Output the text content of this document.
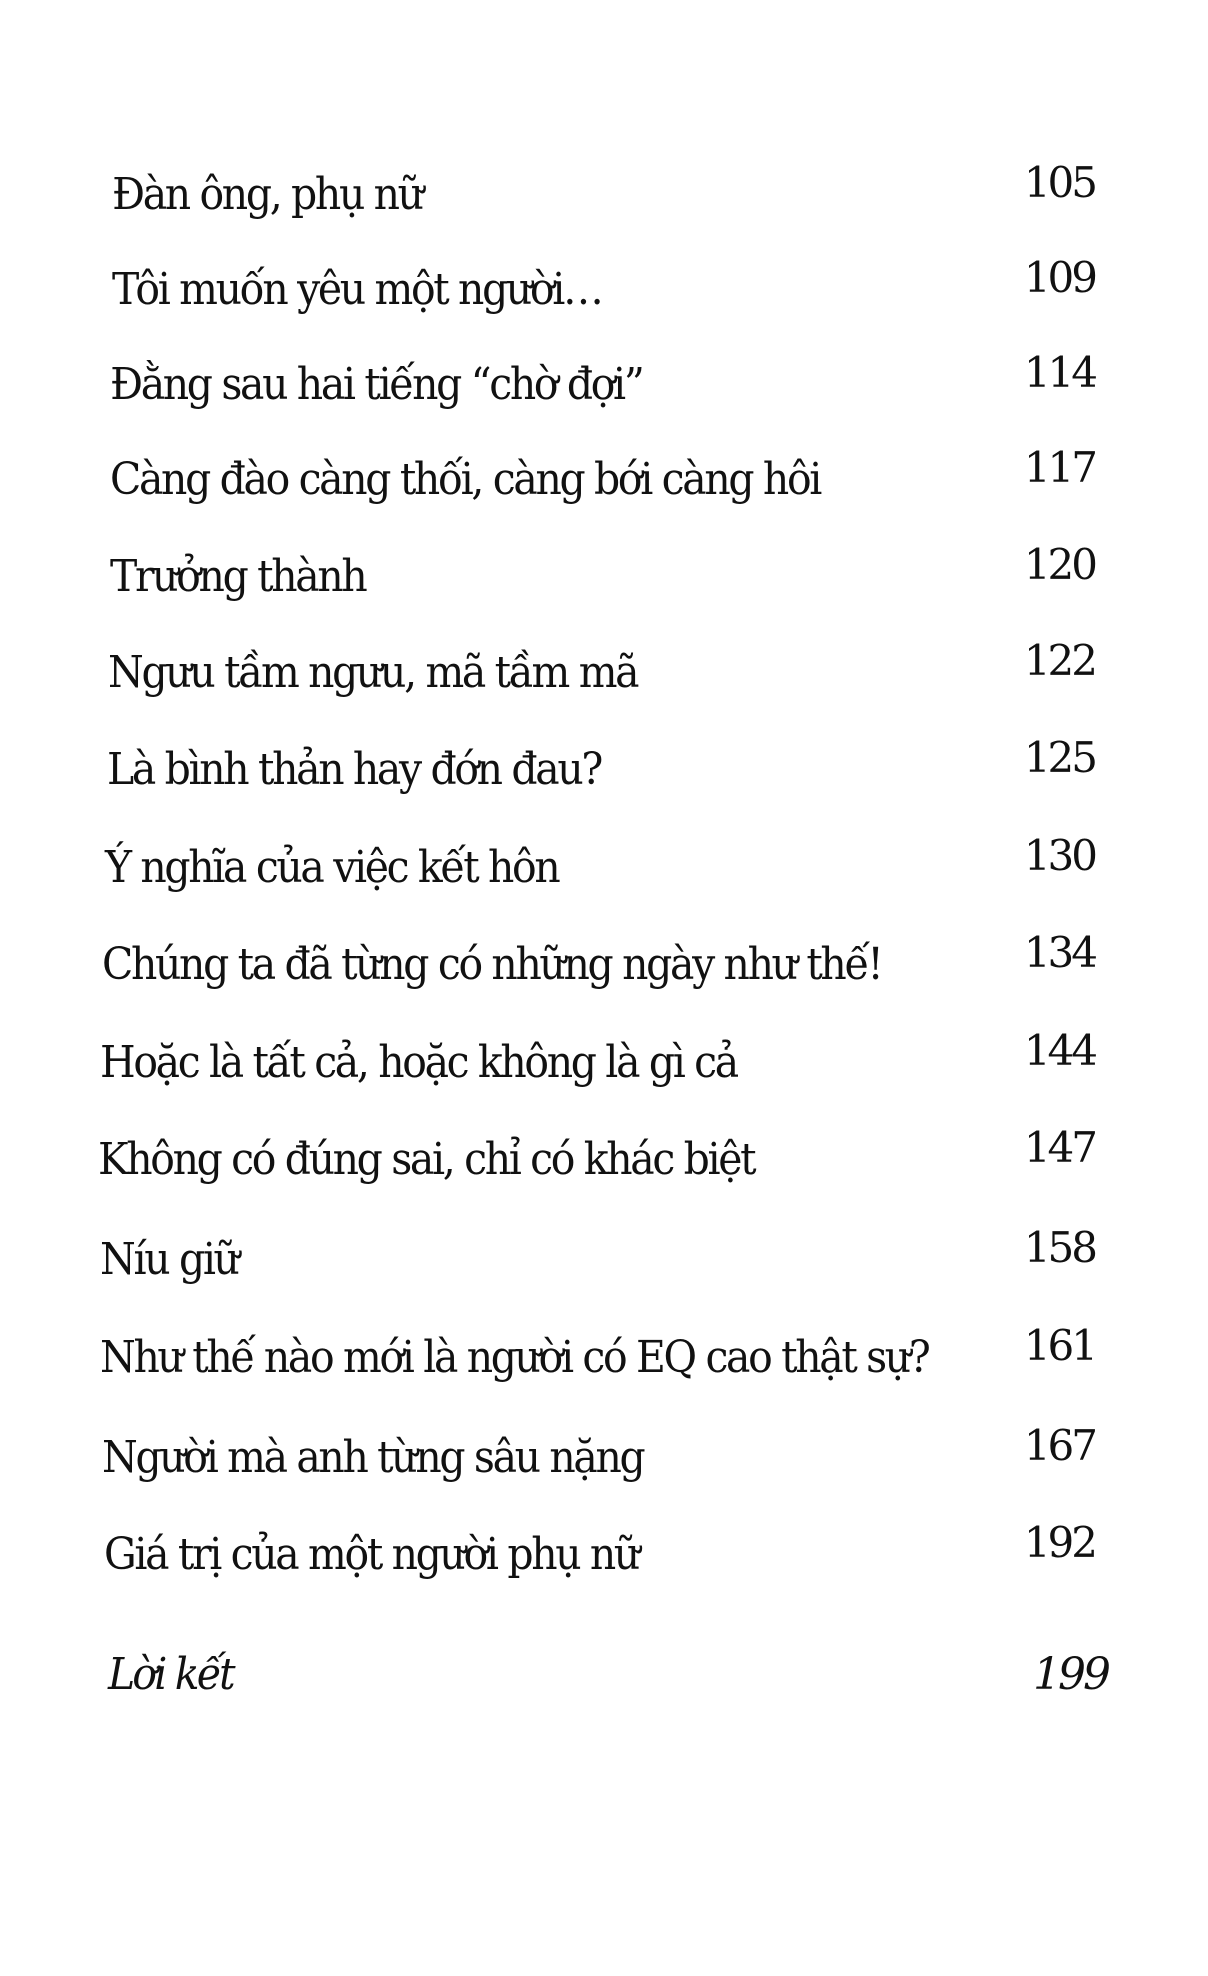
Đàn ông, phụ nữ	105
Tôi muốn yêu một người…	109
Đằng sau hai tiếng “chờ đợi”	114
Càng đào càng thối, càng bới càng hôi	117
Trưởng thành	120
Ngưu tầm ngưu, mã tầm mã	122
Là bình thản hay đớn đau?	125
Ý nghĩa của việc kết hôn	130
Chúng ta đã từng có những ngày như thế!	134
Hoặc là tất cả, hoặc không là gì cả	144
Không có đúng sai, chỉ có khác biệt	147
Níu giữ	158
Như thế nào mới là người có EQ cao thật sự? 161
Người mà anh từng sâu nặng	167
Giá trị của một người phụ nữ	192
Lời kết	199
